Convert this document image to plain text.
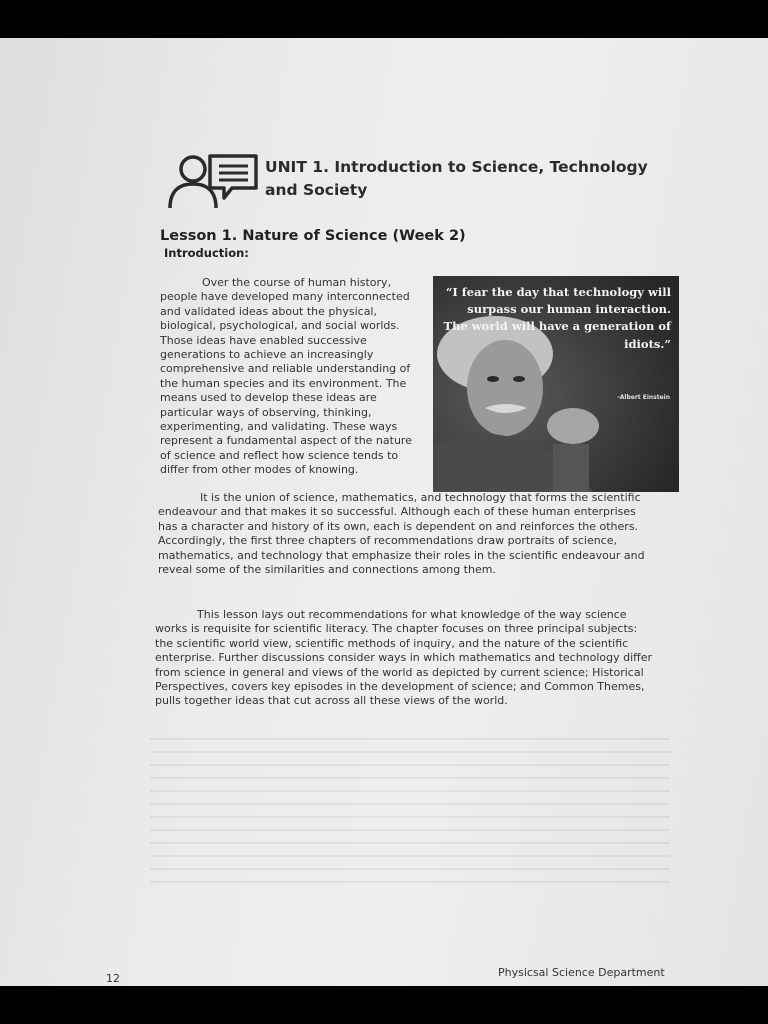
UNIT 1. Introduction to Science, Technology and Society
Lesson 1. Nature of Science (Week 2)
Introduction:

Over the course of human history, people have developed many interconnected and validated ideas about the physical, biological, psychological, and social worlds. Those ideas have enabled successive generations to achieve an increasingly comprehensive and reliable understanding of the human species and its environment. The means used to develop these ideas are particular ways of observing, thinking, experimenting, and validating. These ways represent a fundamental aspect of the nature of science and reflect how science tends to differ from other modes of knowing.

“I fear the day that technology will surpass our human interaction. The world will have a generation of idiots.”
-Albert Einstein

It is the union of science, mathematics, and technology that forms the scientific endeavour and that makes it so successful. Although each of these human enterprises has a character and history of its own, each is dependent on and reinforces the others. Accordingly, the first three chapters of recommendations draw portraits of science, mathematics, and technology that emphasize their roles in the scientific endeavour and reveal some of the similarities and connections among them.

This lesson lays out recommendations for what knowledge of the way science works is requisite for scientific literacy. The chapter focuses on three principal subjects: the scientific world view, scientific methods of inquiry, and the nature of the scientific enterprise. Further discussions consider ways in which mathematics and technology differ from science in general and views of the world as depicted by current science; Historical Perspectives, covers key episodes in the development of science; and Common Themes, pulls together ideas that cut across all these views of the world.

12	Physicsal Science Department
